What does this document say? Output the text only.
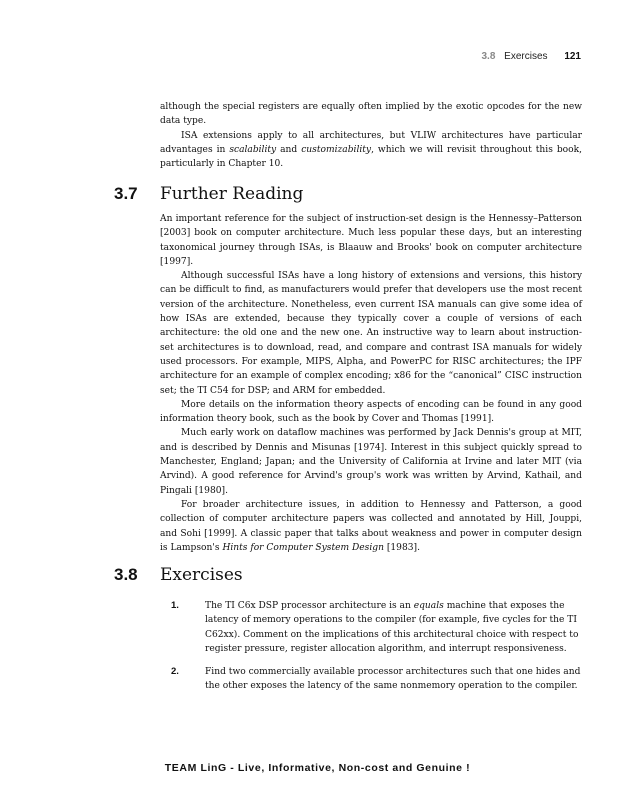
3.8 Exercises 121

although the special registers are equally often implied by the exotic opcodes for the new data type.

ISA extensions apply to all architectures, but VLIW architectures have particular advantages in scalability and customizability, which we will revisit throughout this book, particularly in Chapter 10.

3.7 Further Reading

An important reference for the subject of instruction-set design is the Hennessy–Patterson [2003] book on computer architecture. Much less popular these days, but an interesting taxonomical journey through ISAs, is Blaauw and Brooks' book on computer architecture [1997].

Although successful ISAs have a long history of extensions and versions, this history can be difficult to find, as manufacturers would prefer that developers use the most recent version of the architecture. Nonetheless, even current ISA manuals can give some idea of how ISAs are extended, because they typically cover a couple of versions of each architecture: the old one and the new one. An instructive way to learn about instruction-set architectures is to download, read, and compare and contrast ISA manuals for widely used processors. For example, MIPS, Alpha, and PowerPC for RISC architectures; the IPF architecture for an example of complex encoding; x86 for the “canonical” CISC instruction set; the TI C54 for DSP; and ARM for embedded.

More details on the information theory aspects of encoding can be found in any good information theory book, such as the book by Cover and Thomas [1991].

Much early work on dataflow machines was performed by Jack Dennis's group at MIT, and is described by Dennis and Misunas [1974]. Interest in this subject quickly spread to Manchester, England; Japan; and the University of California at Irvine and later MIT (via Arvind). A good reference for Arvind's group's work was written by Arvind, Kathail, and Pingali [1980].

For broader architecture issues, in addition to Hennessy and Patterson, a good collection of computer architecture papers was collected and annotated by Hill, Jouppi, and Sohi [1999]. A classic paper that talks about weakness and power in computer design is Lampson's Hints for Computer System Design [1983].

3.8 Exercises
1.	The TI C6x DSP processor architecture is an equals machine that exposes the latency of memory operations to the compiler (for example, five cycles for the TI C62xx). Comment on the implications of this architectural choice with respect to register pressure, register allocation algorithm, and interrupt responsiveness.
2.	Find two commercially available processor architectures such that one hides and the other exposes the latency of the same nonmemory operation to the compiler.
TEAM LinG - Live, Informative, Non-cost and Genuine !
